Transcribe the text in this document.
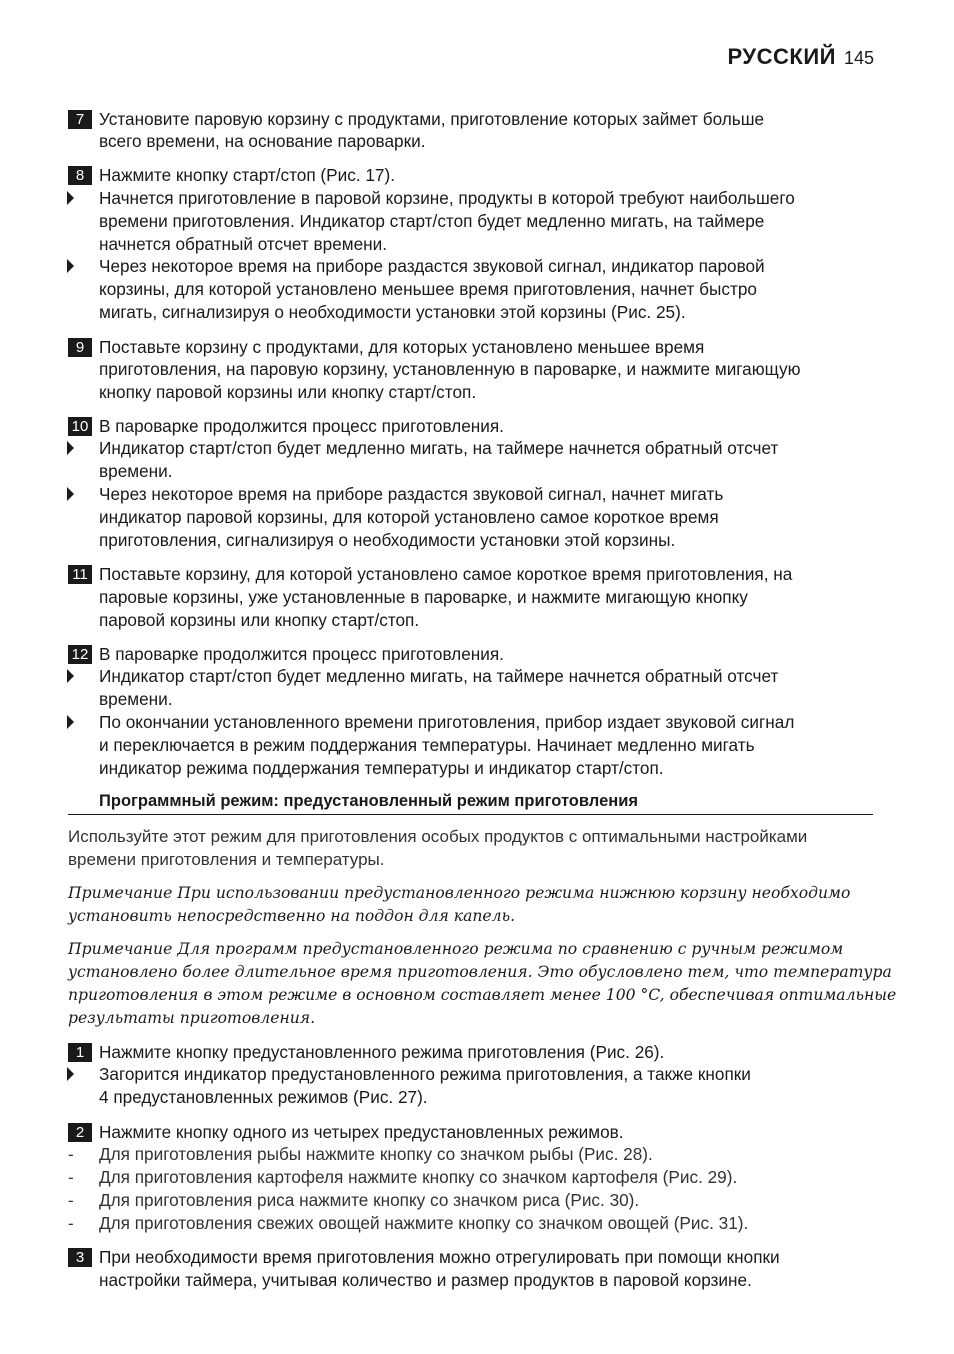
РУССКИЙ 145
7 Установите паровую корзину с продуктами, приготовление которых займет больше
всего времени, на основание пароварки.
8 Нажмите кнопку старт/стоп (Рис. 17).
Начнется приготовление в паровой корзине, продукты в которой требуют наибольшего
времени приготовления. Индикатор старт/стоп будет медленно мигать, на таймере
начнется обратный отсчет времени.
Через некоторое время на приборе раздастся звуковой сигнал, индикатор паровой
корзины, для которой установлено меньшее время приготовления, начнет быстро
мигать, сигнализируя о необходимости установки этой корзины (Рис. 25).
9 Поставьте корзину с продуктами, для которых установлено меньшее время
приготовления, на паровую корзину, установленную в пароварке, и нажмите мигающую
кнопку паровой корзины или кнопку старт/стоп.
10 В пароварке продолжится процесс приготовления.
Индикатор старт/стоп будет медленно мигать, на таймере начнется обратный отсчет
времени.
Через некоторое время на приборе раздастся звуковой сигнал, начнет мигать
индикатор паровой корзины, для которой установлено самое короткое время
приготовления, сигнализируя о необходимости установки этой корзины.
11 Поставьте корзину, для которой установлено самое короткое время приготовления, на
паровые корзины, уже установленные в пароварке, и нажмите мигающую кнопку
паровой корзины или кнопку старт/стоп.
12 В пароварке продолжится процесс приготовления.
Индикатор старт/стоп будет медленно мигать, на таймере начнется обратный отсчет
времени.
По окончании установленного времени приготовления, прибор издает звуковой сигнал
и переключается в режим поддержания температуры. Начинает медленно мигать
индикатор режима поддержания температуры и индикатор старт/стоп.
Программный режим: предустановленный режим приготовления
Используйте этот режим для приготовления особых продуктов с оптимальными настройками
времени приготовления и температуры.
Примечание При использовании предустановленного режима нижнюю корзину необходимо
установить непосредственно на поддон для капель.
Примечание Для программ предустановленного режима по сравнению с ручным режимом
установлено более длительное время приготовления. Это обусловлено тем, что температура
приготовления в этом режиме в основном составляет менее 100 °C, обеспечивая оптимальные
результаты приготовления.
1 Нажмите кнопку предустановленного режима приготовления (Рис. 26).
Загорится индикатор предустановленного режима приготовления, а также кнопки
4 предустановленных режимов (Рис. 27).
2 Нажмите кнопку одного из четырех предустановленных режимов.
- Для приготовления рыбы нажмите кнопку со значком рыбы (Рис. 28).
- Для приготовления картофеля нажмите кнопку со значком картофеля (Рис. 29).
- Для приготовления риса нажмите кнопку со значком риса (Рис. 30).
- Для приготовления свежих овощей нажмите кнопку со значком овощей (Рис. 31).
3 При необходимости время приготовления можно отрегулировать при помощи кнопки
настройки таймера, учитывая количество и размер продуктов в паровой корзине.
